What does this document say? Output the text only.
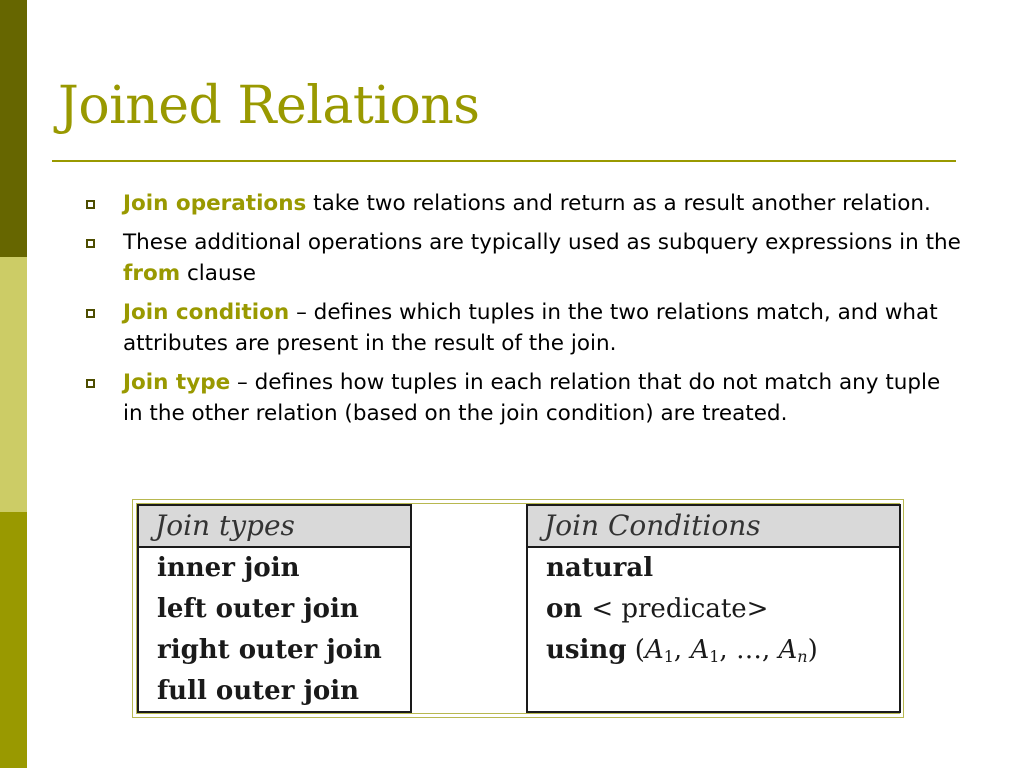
Joined Relations
Join operations take two relations and return as a result another relation.
These additional operations are typically used as subquery expressions in the from clause
Join condition – defines which tuples in the two relations match, and what attributes are present in the result of the join.
Join type – defines how tuples in each relation that do not match any tuple in the other relation (based on the join condition) are treated.
Join types
inner join
left outer join
right outer join
full outer join
Join Conditions
natural
on < predicate>
using ($A_1$, $A_1$, …, $A_n$)
